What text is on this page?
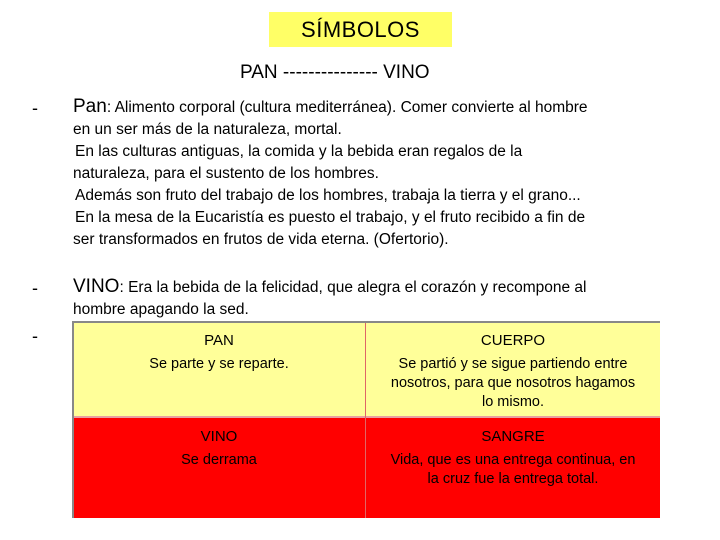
SÍMBOLOS
PAN --------------- VINO
- Pan: Alimento corporal (cultura mediterránea). Comer convierte al hombre
en un ser más de la naturaleza, mortal.
En las culturas antiguas, la comida y la bebida eran regalos de la
naturaleza, para el sustento de los hombres.
Además son fruto del trabajo de los hombres, trabaja la tierra y el grano...
En la mesa de la Eucaristía es puesto el trabajo, y el fruto recibido a fin de
ser transformados en frutos de vida eterna. (Ofertorio).
- VINO: Era la bebida de la felicidad, que alegra el corazón y recompone al
hombre apagando la sed.
-	PAN
Se parte y se reparte.
CUERPO
Se partió y se sigue partiendo entre
nosotros, para que nosotros hagamos
lo mismo.
VINO
Se derrama
SANGRE
Vida, que es una entrega continua, en
la cruz fue la entrega total.
